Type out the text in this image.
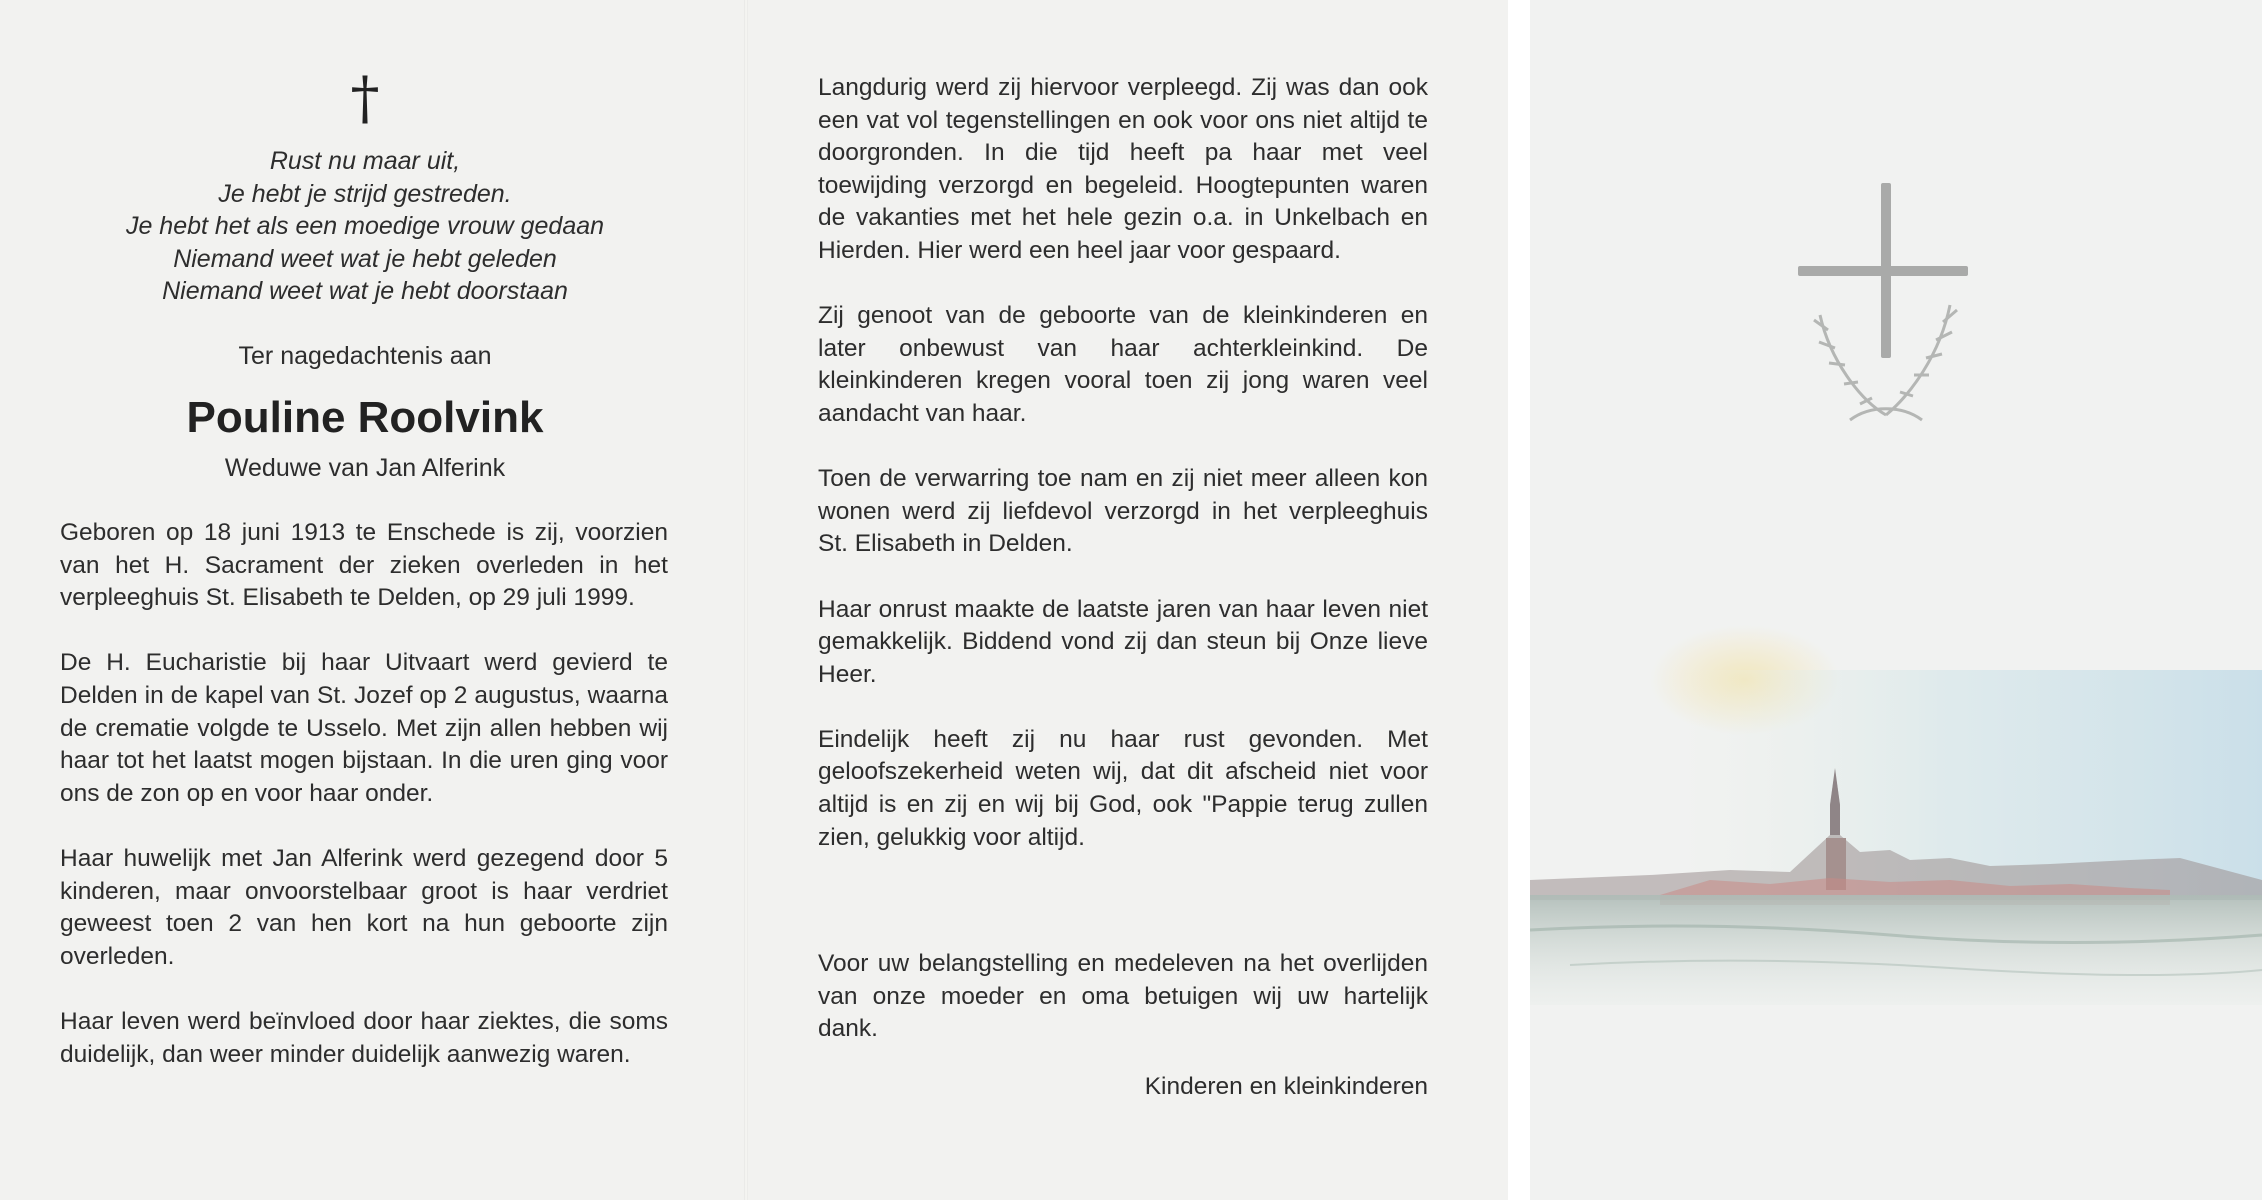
†
Rust nu maar uit,
Je hebt je strijd gestreden.
Je hebt het als een moedige vrouw gedaan
Niemand weet wat je hebt geleden
Niemand weet wat je hebt doorstaan
Ter nagedachtenis aan
Pouline Roolvink
Weduwe van Jan Alferink

Geboren op 18 juni 1913 te Enschede is zij, voorzien van het H. Sacrament der zieken overleden in het verpleeghuis St. Elisabeth te Delden, op 29 juli 1999.

De H. Eucharistie bij haar Uitvaart werd gevierd te Delden in de kapel van St. Jozef op 2 augustus, waarna de crematie volgde te Usselo. Met zijn allen hebben wij haar tot het laatst mogen bijstaan. In die uren ging voor ons de zon op en voor haar onder.

Haar huwelijk met Jan Alferink werd gezegend door 5 kinderen, maar onvoorstelbaar groot is haar verdriet geweest toen 2 van hen kort na hun geboorte zijn overleden.

Haar leven werd beïnvloed door haar ziektes, die soms duidelijk, dan weer minder duidelijk aanwezig waren.

Langdurig werd zij hiervoor verpleegd. Zij was dan ook een vat vol tegenstellingen en ook voor ons niet altijd te doorgronden. In die tijd heeft pa haar met veel toewijding verzorgd en begeleid. Hoogtepunten waren de vakanties met het hele gezin o.a. in Unkelbach en Hierden. Hier werd een heel jaar voor gespaard.

Zij genoot van de geboorte van de kleinkinderen en later onbewust van haar achterkleinkind. De kleinkinderen kregen vooral toen zij jong waren veel aandacht van haar.

Toen de verwarring toe nam en zij niet meer alleen kon wonen werd zij liefdevol verzorgd in het verpleeghuis St. Elisabeth in Delden.

Haar onrust maakte de laatste jaren van haar leven niet gemakkelijk. Biddend vond zij dan steun bij Onze lieve Heer.

Eindelijk heeft zij nu haar rust gevonden. Met geloofszekerheid weten wij, dat dit afscheid niet voor altijd is en zij en wij bij God, ook "Pappie terug zullen zien, gelukkig voor altijd.

Voor uw belangstelling en medeleven na het overlijden van onze moeder en oma betuigen wij uw hartelijk dank.
Kinderen en kleinkinderen
